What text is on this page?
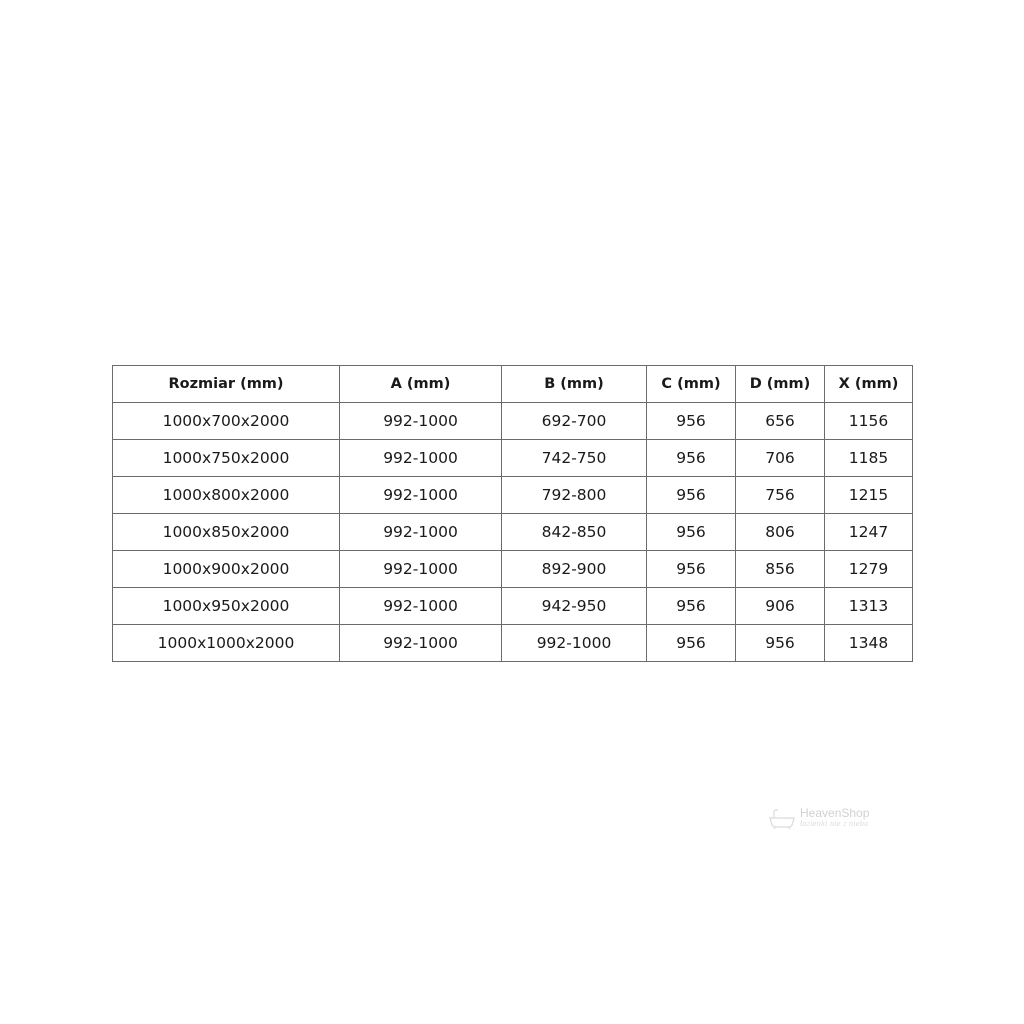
Rozmiar (mm)	A (mm)	B (mm)	C (mm)	D (mm)	X (mm)
1000x700x2000	992-1000	692-700	956	656	1156
1000x750x2000	992-1000	742-750	956	706	1185
1000x800x2000	992-1000	792-800	956	756	1215
1000x850x2000	992-1000	842-850	956	806	1247
1000x900x2000	992-1000	892-900	956	856	1279
1000x950x2000	992-1000	942-950	956	906	1313
1000x1000x2000	992-1000	992-1000	956	956	1348
HeavenShop
łazienki nie z nieba
